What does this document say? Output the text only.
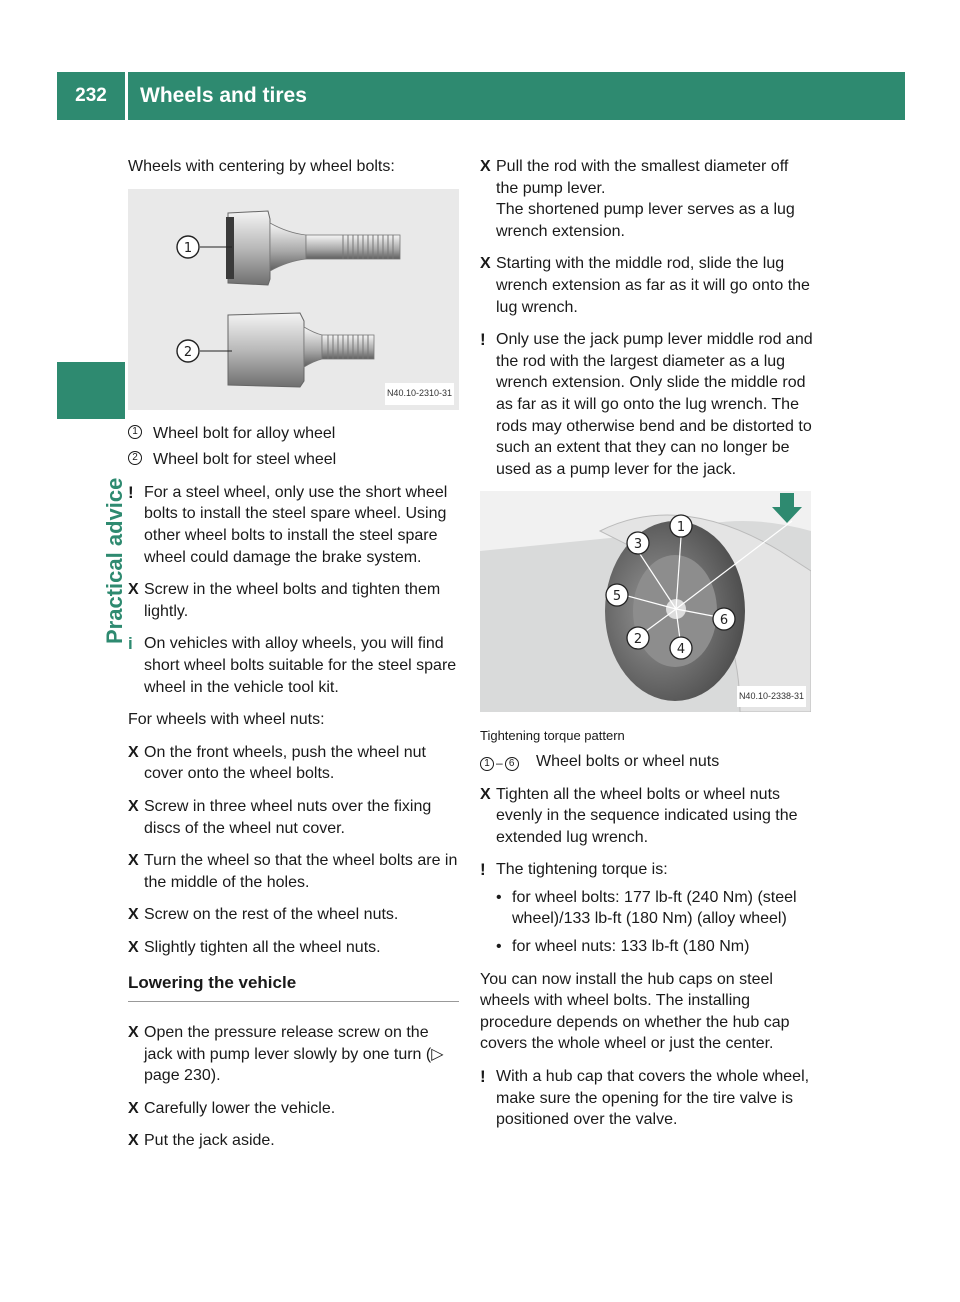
232	Wheels and tires
Practical advice

Wheels with centering by wheel bolts:

1
2
N40.10-2310-31
1 Wheel bolt for alloy wheel
2 Wheel bolt for steel wheel
! For a steel wheel, only use the short wheel bolts to install the steel spare wheel. Using other wheel bolts to install the steel spare wheel could damage the brake system.
X Screw in the wheel bolts and tighten them lightly.
i On vehicles with alloy wheels, you will find short wheel bolts suitable for the steel spare wheel in the vehicle tool kit.

For wheels with wheel nuts:

X On the front wheels, push the wheel nut cover onto the wheel bolts.
X Screw in three wheel nuts over the fixing discs of the wheel nut cover.
X Turn the wheel so that the wheel bolts are in the middle of the holes.
X Screw on the rest of the wheel nuts.
X Slightly tighten all the wheel nuts.
Lowering the vehicle
X Open the pressure release screw on the jack with pump lever slowly by one turn (▷ page 230).
X Carefully lower the vehicle.
X Put the jack aside.
X Pull the rod with the smallest diameter off the pump lever.
The shortened pump lever serves as a lug wrench extension.
X Starting with the middle rod, slide the lug wrench extension as far as it will go onto the lug wrench.
! Only use the jack pump lever middle rod and the rod with the largest diameter as a lug wrench extension. Only slide the middle rod as far as it will go onto the lug wrench. The rods may otherwise bend and be distorted to such an extent that they can no longer be used as a pump lever for the jack.
1
2
3
4
5
6
N40.10-2338-31
Tightening torque pattern
1 – 6 Wheel bolts or wheel nuts
X Tighten all the wheel bolts or wheel nuts evenly in the sequence indicated using the extended lug wrench.
! The tightening torque is:
• for wheel bolts: 177 lb-ft (240 Nm) (steel wheel)/133 lb-ft (180 Nm) (alloy wheel)
• for wheel nuts: 133 lb-ft (180 Nm)

You can now install the hub caps on steel wheels with wheel bolts. The installing procedure depends on whether the hub cap covers the whole wheel or just the center.

! With a hub cap that covers the whole wheel, make sure the opening for the tire valve is positioned over the valve.
